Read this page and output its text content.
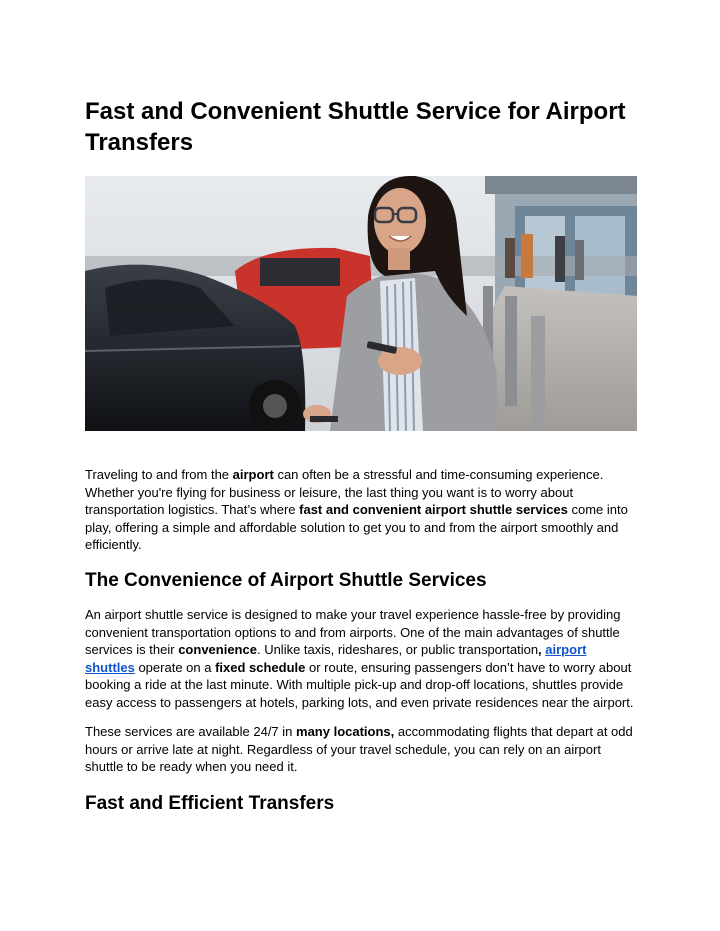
Fast and Convenient Shuttle Service for Airport Transfers

Traveling to and from the airport can often be a stressful and time-consuming experience. Whether you're flying for business or leisure, the last thing you want is to worry about transportation logistics. That’s where fast and convenient airport shuttle services come into play, offering a simple and affordable solution to get you to and from the airport smoothly and efficiently.

The Convenience of Airport Shuttle Services

An airport shuttle service is designed to make your travel experience hassle-free by providing convenient transportation options to and from airports. One of the main advantages of shuttle services is their convenience. Unlike taxis, rideshares, or public transportation, airport shuttles operate on a fixed schedule or route, ensuring passengers don’t have to worry about booking a ride at the last minute. With multiple pick-up and drop-off locations, shuttles provide easy access to passengers at hotels, parking lots, and even private residences near the airport.

These services are available 24/7 in many locations, accommodating flights that depart at odd hours or arrive late at night. Regardless of your travel schedule, you can rely on an airport shuttle to be ready when you need it.

Fast and Efficient Transfers
